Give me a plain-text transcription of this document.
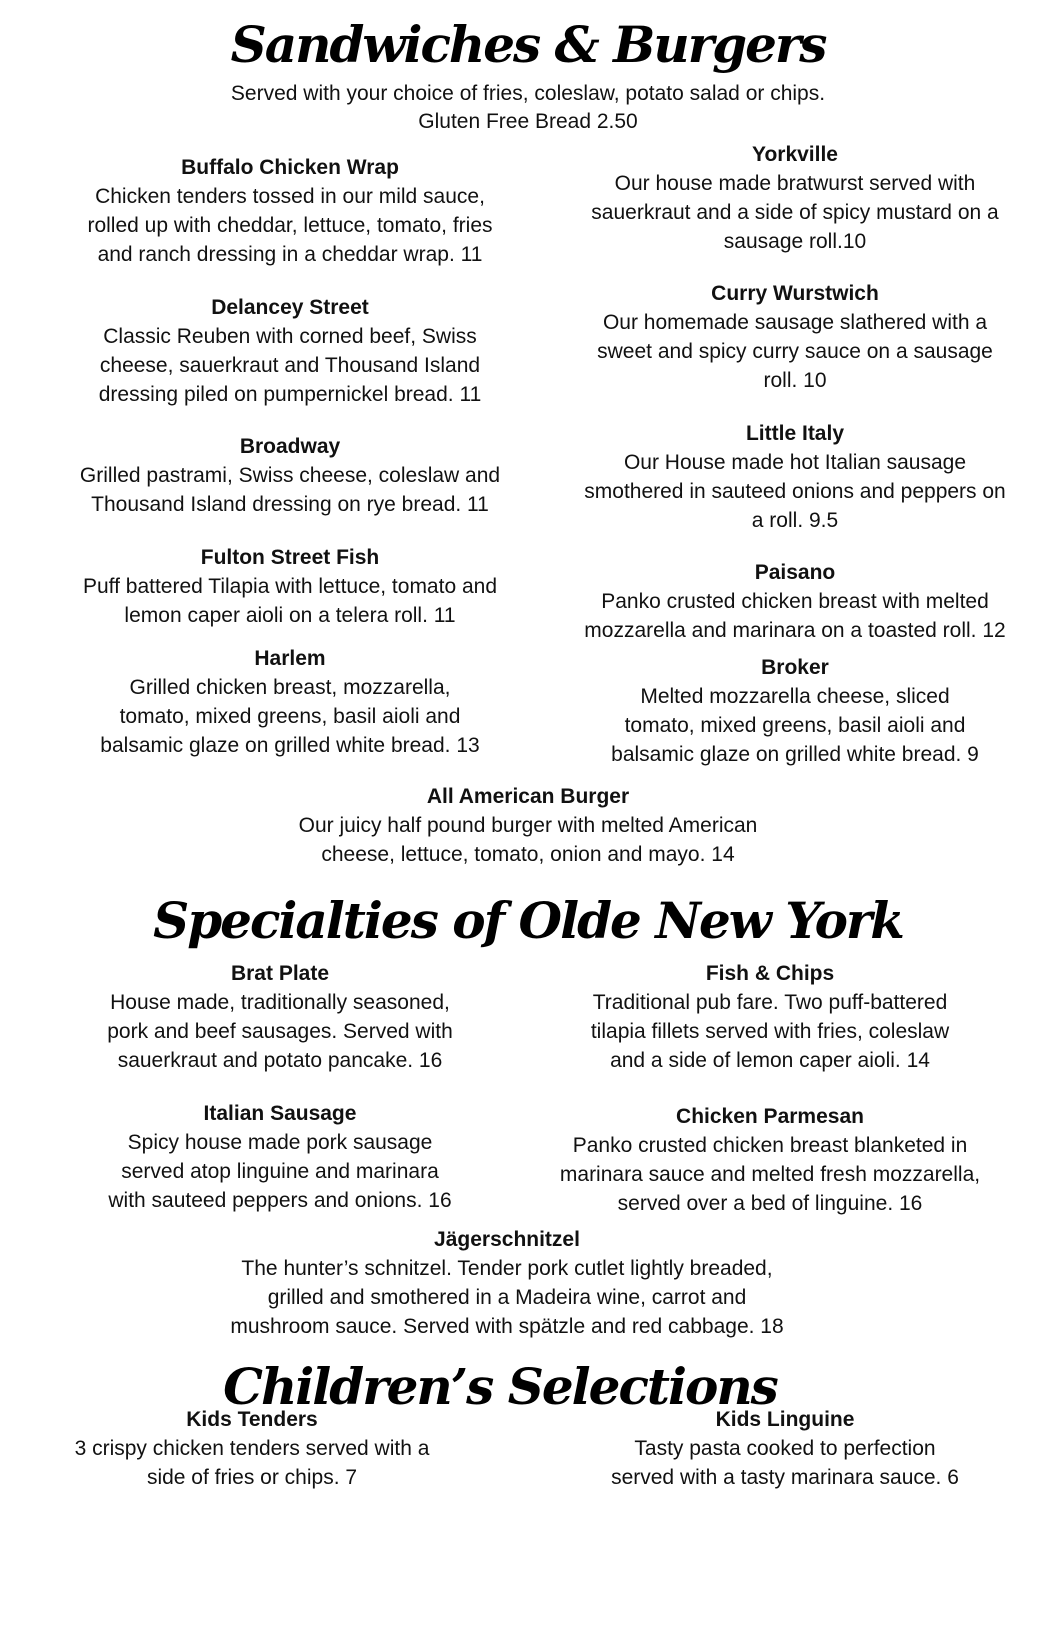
Sandwiches & Burgers
Served with your choice of fries, coleslaw, potato salad or chips.
Gluten Free Bread 2.50
Buffalo Chicken Wrap
Chicken tenders tossed in our mild sauce,
rolled up with cheddar, lettuce, tomato, fries
and ranch dressing in a cheddar wrap. 11
Yorkville
Our house made bratwurst served with
sauerkraut and a side of spicy mustard on a
sausage roll.10
Delancey Street
Classic Reuben with corned beef, Swiss
cheese, sauerkraut and Thousand Island
dressing piled on pumpernickel bread. 11
Curry Wurstwich
Our homemade sausage slathered with a
sweet and spicy curry sauce on a sausage
roll. 10
Broadway
Grilled pastrami, Swiss cheese, coleslaw and
Thousand Island dressing on rye bread. 11
Little Italy
Our House made hot Italian sausage
smothered in sauteed onions and peppers on
a roll. 9.5
Fulton Street Fish
Puff battered Tilapia with lettuce, tomato and
lemon caper aioli on a telera roll. 11
Paisano
Panko crusted chicken breast with melted
mozzarella and marinara on a toasted roll. 12
Harlem
Grilled chicken breast, mozzarella,
tomato, mixed greens, basil aioli and
balsamic glaze on grilled white bread. 13
Broker
Melted mozzarella cheese, sliced
tomato, mixed greens, basil aioli and
balsamic glaze on grilled white bread. 9
All American Burger
Our juicy half pound burger with melted American
cheese, lettuce, tomato, onion and mayo. 14
Specialties of Olde New York
Brat Plate
House made, traditionally seasoned,
pork and beef sausages. Served with
sauerkraut and potato pancake. 16
Fish & Chips
Traditional pub fare. Two puff-battered
tilapia fillets served with fries, coleslaw
and a side of lemon caper aioli. 14
Italian Sausage
Spicy house made pork sausage
served atop linguine and marinara
with sauteed peppers and onions. 16
Chicken Parmesan
Panko crusted chicken breast blanketed in
marinara sauce and melted fresh mozzarella,
served over a bed of linguine. 16
Jägerschnitzel
The hunter’s schnitzel. Tender pork cutlet lightly breaded,
grilled and smothered in a Madeira wine, carrot and
mushroom sauce. Served with spätzle and red cabbage. 18
Children’s Selections
Kids Tenders
3 crispy chicken tenders served with a
side of fries or chips. 7
Kids Linguine
Tasty pasta cooked to perfection
served with a tasty marinara sauce. 6
